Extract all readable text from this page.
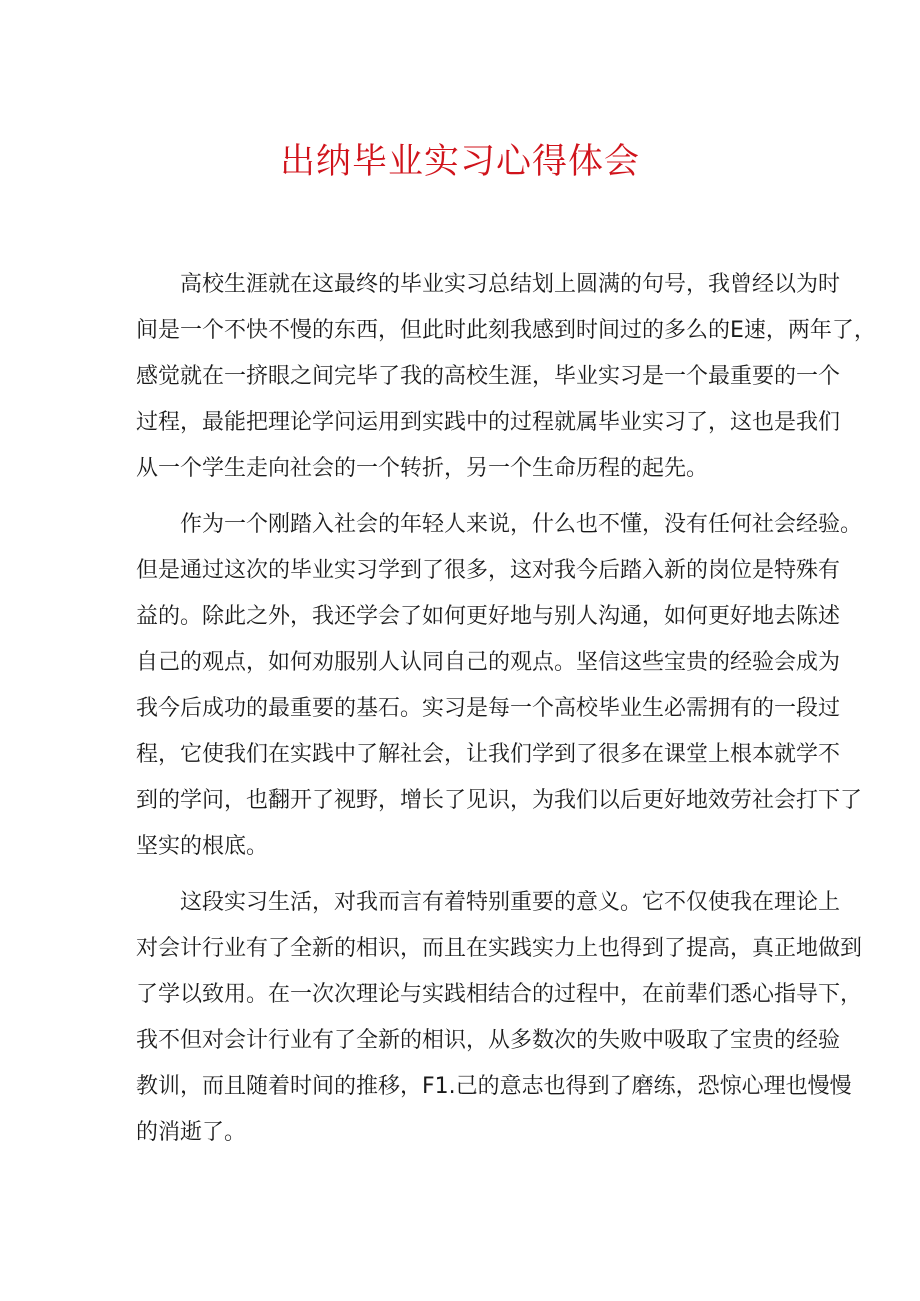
出纳毕业实习心得体会
高校生涯就在这最终的毕业实习总结划上圆满的句号，我曾经以为时
间是一个不快不慢的东西，但此时此刻我感到时间过的多么的E速，两年了，
感觉就在一挤眼之间完毕了我的高校生涯，毕业实习是一个最重要的一个
过程，最能把理论学问运用到实践中的过程就属毕业实习了，这也是我们
从一个学生走向社会的一个转折，另一个生命历程的起先。
作为一个刚踏入社会的年轻人来说，什么也不懂，没有任何社会经验。
但是通过这次的毕业实习学到了很多，这对我今后踏入新的岗位是特殊有
益的。除此之外，我还学会了如何更好地与别人沟通，如何更好地去陈述
自己的观点，如何劝服别人认同自己的观点。坚信这些宝贵的经验会成为
我今后成功的最重要的基石。实习是每一个高校毕业生必需拥有的一段过
程，它使我们在实践中了解社会，让我们学到了很多在课堂上根本就学不
到的学问，也翻开了视野，增长了见识，为我们以后更好地效劳社会打下了
坚实的根底。
这段实习生活，对我而言有着特别重要的意义。它不仅使我在理论上
对会计行业有了全新的相识，而且在实践实力上也得到了提高，真正地做到
了学以致用。在一次次理论与实践相结合的过程中，在前辈们悉心指导下，
我不但对会计行业有了全新的相识，从多数次的失败中吸取了宝贵的经验
教训，而且随着时间的推移，F1.己的意志也得到了磨练，恐惊心理也慢慢
的消逝了。
